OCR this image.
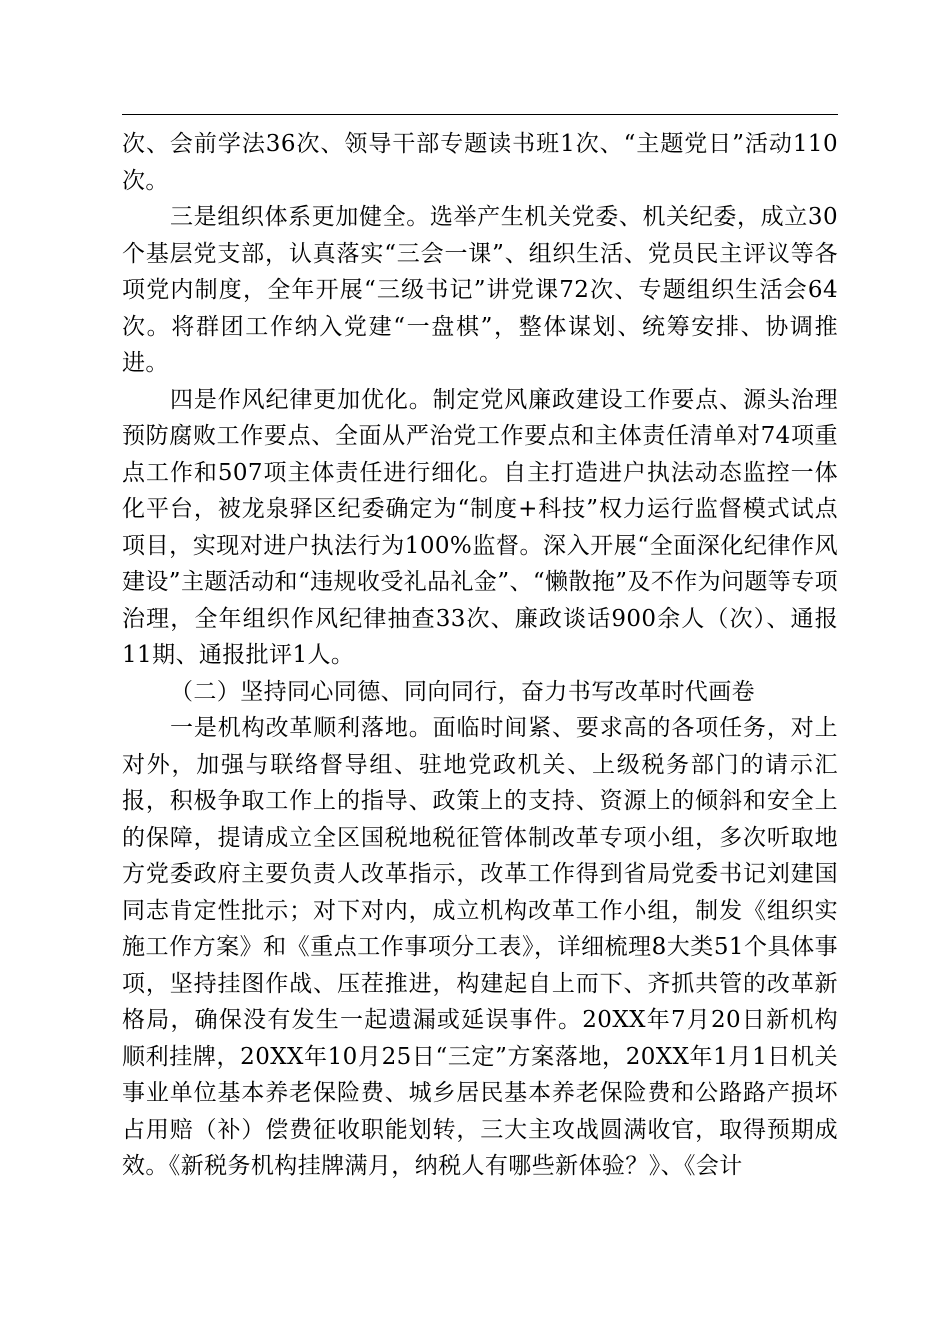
次、会前学法36次、领导干部专题读书班1次、“主题党日”活动110次。

三是组织体系更加健全。选举产生机关党委、机关纪委，成立30个基层党支部，认真落实“三会一课”、组织生活、党员民主评议等各项党内制度，全年开展“三级书记”讲党课72次、专题组织生活会64次。将群团工作纳入党建“一盘棋”，整体谋划、统筹安排、协调推进。

四是作风纪律更加优化。制定党风廉政建设工作要点、源头治理预防腐败工作要点、全面从严治党工作要点和主体责任清单对74项重点工作和507项主体责任进行细化。自主打造进户执法动态监控一体化平台，被龙泉驿区纪委确定为“制度+科技”权力运行监督模式试点项目，实现对进户执法行为100%监督。深入开展“全面深化纪律作风建设”主题活动和“违规收受礼品礼金”、“懒散拖”及不作为问题等专项治理，全年组织作风纪律抽查33次、廉政谈话900余人（次）、通报11期、通报批评1人。

（二）坚持同心同德、同向同行，奋力书写改革时代画卷

一是机构改革顺利落地。面临时间紧、要求高的各项任务，对上对外，加强与联络督导组、驻地党政机关、上级税务部门的请示汇报，积极争取工作上的指导、政策上的支持、资源上的倾斜和安全上的保障，提请成立全区国税地税征管体制改革专项小组，多次听取地方党委政府主要负责人改革指示，改革工作得到省局党委书记刘建国同志肯定性批示；对下对内，成立机构改革工作小组，制发《组织实施工作方案》和《重点工作事项分工表》，详细梳理8大类51个具体事项，坚持挂图作战、压茬推进，构建起自上而下、齐抓共管的改革新格局，确保没有发生一起遗漏或延误事件。20XX年7月20日新机构顺利挂牌，20XX年10月25日“三定”方案落地，20XX年1月1日机关事业单位基本养老保险费、城乡居民基本养老保险费和公路路产损坏占用赔（补）偿费征收职能划转，三大主攻战圆满收官，取得预期成效。《新税务机构挂牌满月，纳税人有哪些新体验？》、《会计
